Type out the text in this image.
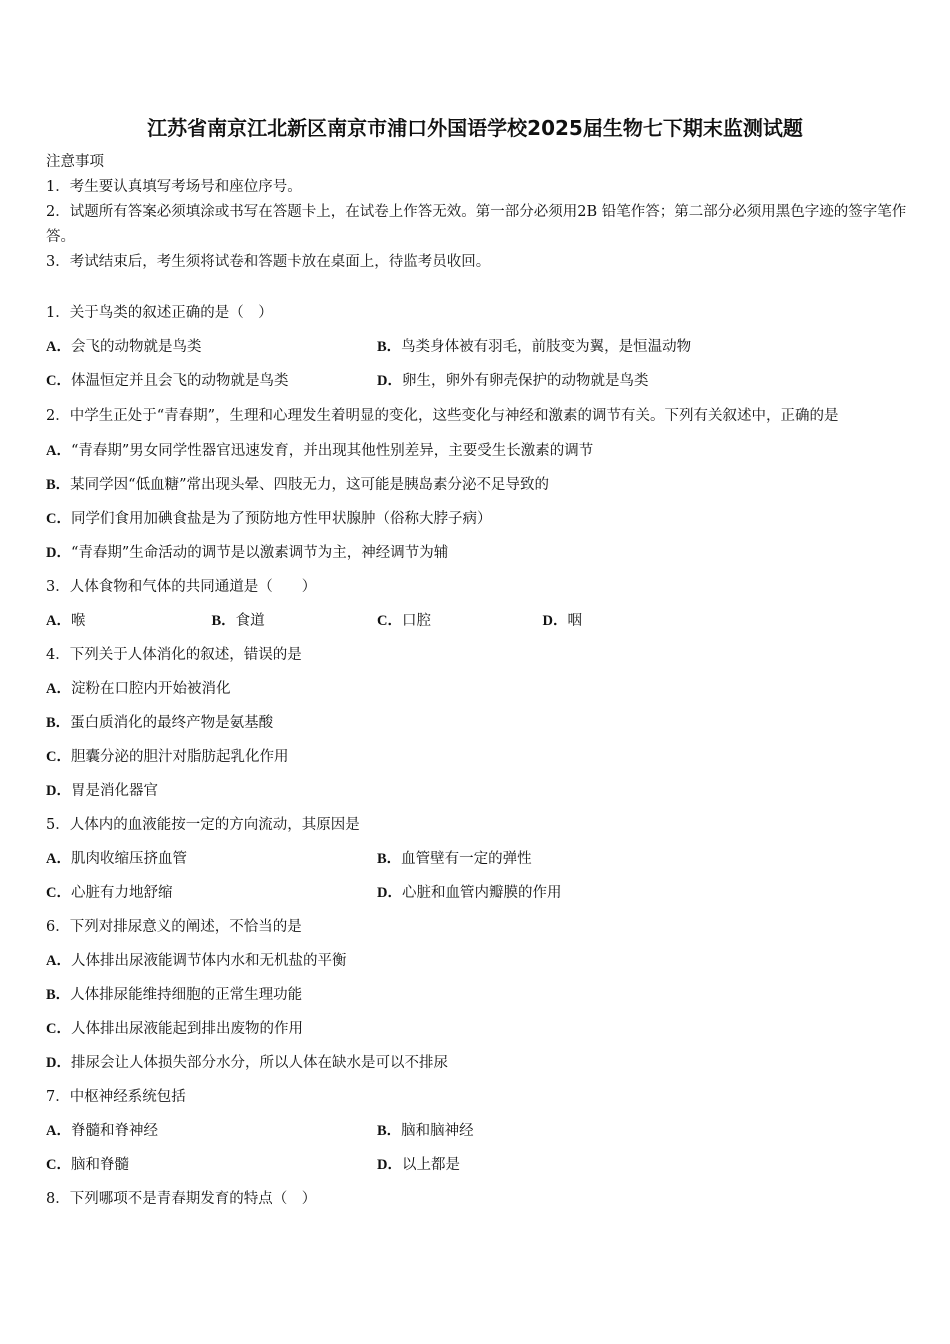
江苏省南京江北新区南京市浦口外国语学校2025届生物七下期末监测试题
注意事项
1．考生要认真填写考场号和座位序号。
2．试题所有答案必须填涂或书写在答题卡上，在试卷上作答无效。第一部分必须用2B 铅笔作答；第二部分必须用黑色字迹的签字笔作答。
3．考试结束后，考生须将试卷和答题卡放在桌面上，待监考员收回。
1．关于鸟类的叙述正确的是（　）
A．会飞的动物就是鸟类	B．鸟类身体被有羽毛，前肢变为翼，是恒温动物
C．体温恒定并且会飞的动物就是鸟类	D．卵生，卵外有卵壳保护的动物就是鸟类
2．中学生正处于“青春期”，生理和心理发生着明显的变化，这些变化与神经和激素的调节有关。下列有关叙述中，正确的是
A．“青春期”男女同学性器官迅速发育，并出现其他性别差异，主要受生长激素的调节
B．某同学因“低血糖”常出现头晕、四肢无力，这可能是胰岛素分泌不足导致的
C．同学们食用加碘食盐是为了预防地方性甲状腺肿（俗称大脖子病）
D．“青春期”生命活动的调节是以激素调节为主，神经调节为辅
3．人体食物和气体的共同通道是（　　）
A．喉	B．食道	C．口腔	D．咽
4．下列关于人体消化的叙述，错误的是
A．淀粉在口腔内开始被消化
B．蛋白质消化的最终产物是氨基酸
C．胆囊分泌的胆汁对脂肪起乳化作用
D．胃是消化器官
5．人体内的血液能按一定的方向流动，其原因是
A．肌肉收缩压挤血管	B．血管壁有一定的弹性
C．心脏有力地舒缩	D．心脏和血管内瓣膜的作用
6．下列对排尿意义的阐述，不恰当的是
A．人体排出尿液能调节体内水和无机盐的平衡
B．人体排尿能维持细胞的正常生理功能
C．人体排出尿液能起到排出废物的作用
D．排尿会让人体损失部分水分，所以人体在缺水是可以不排尿
7．中枢神经系统包括
A．脊髓和脊神经	B．脑和脑神经
C．脑和脊髓	D．以上都是
8．下列哪项不是青春期发育的特点（　）
